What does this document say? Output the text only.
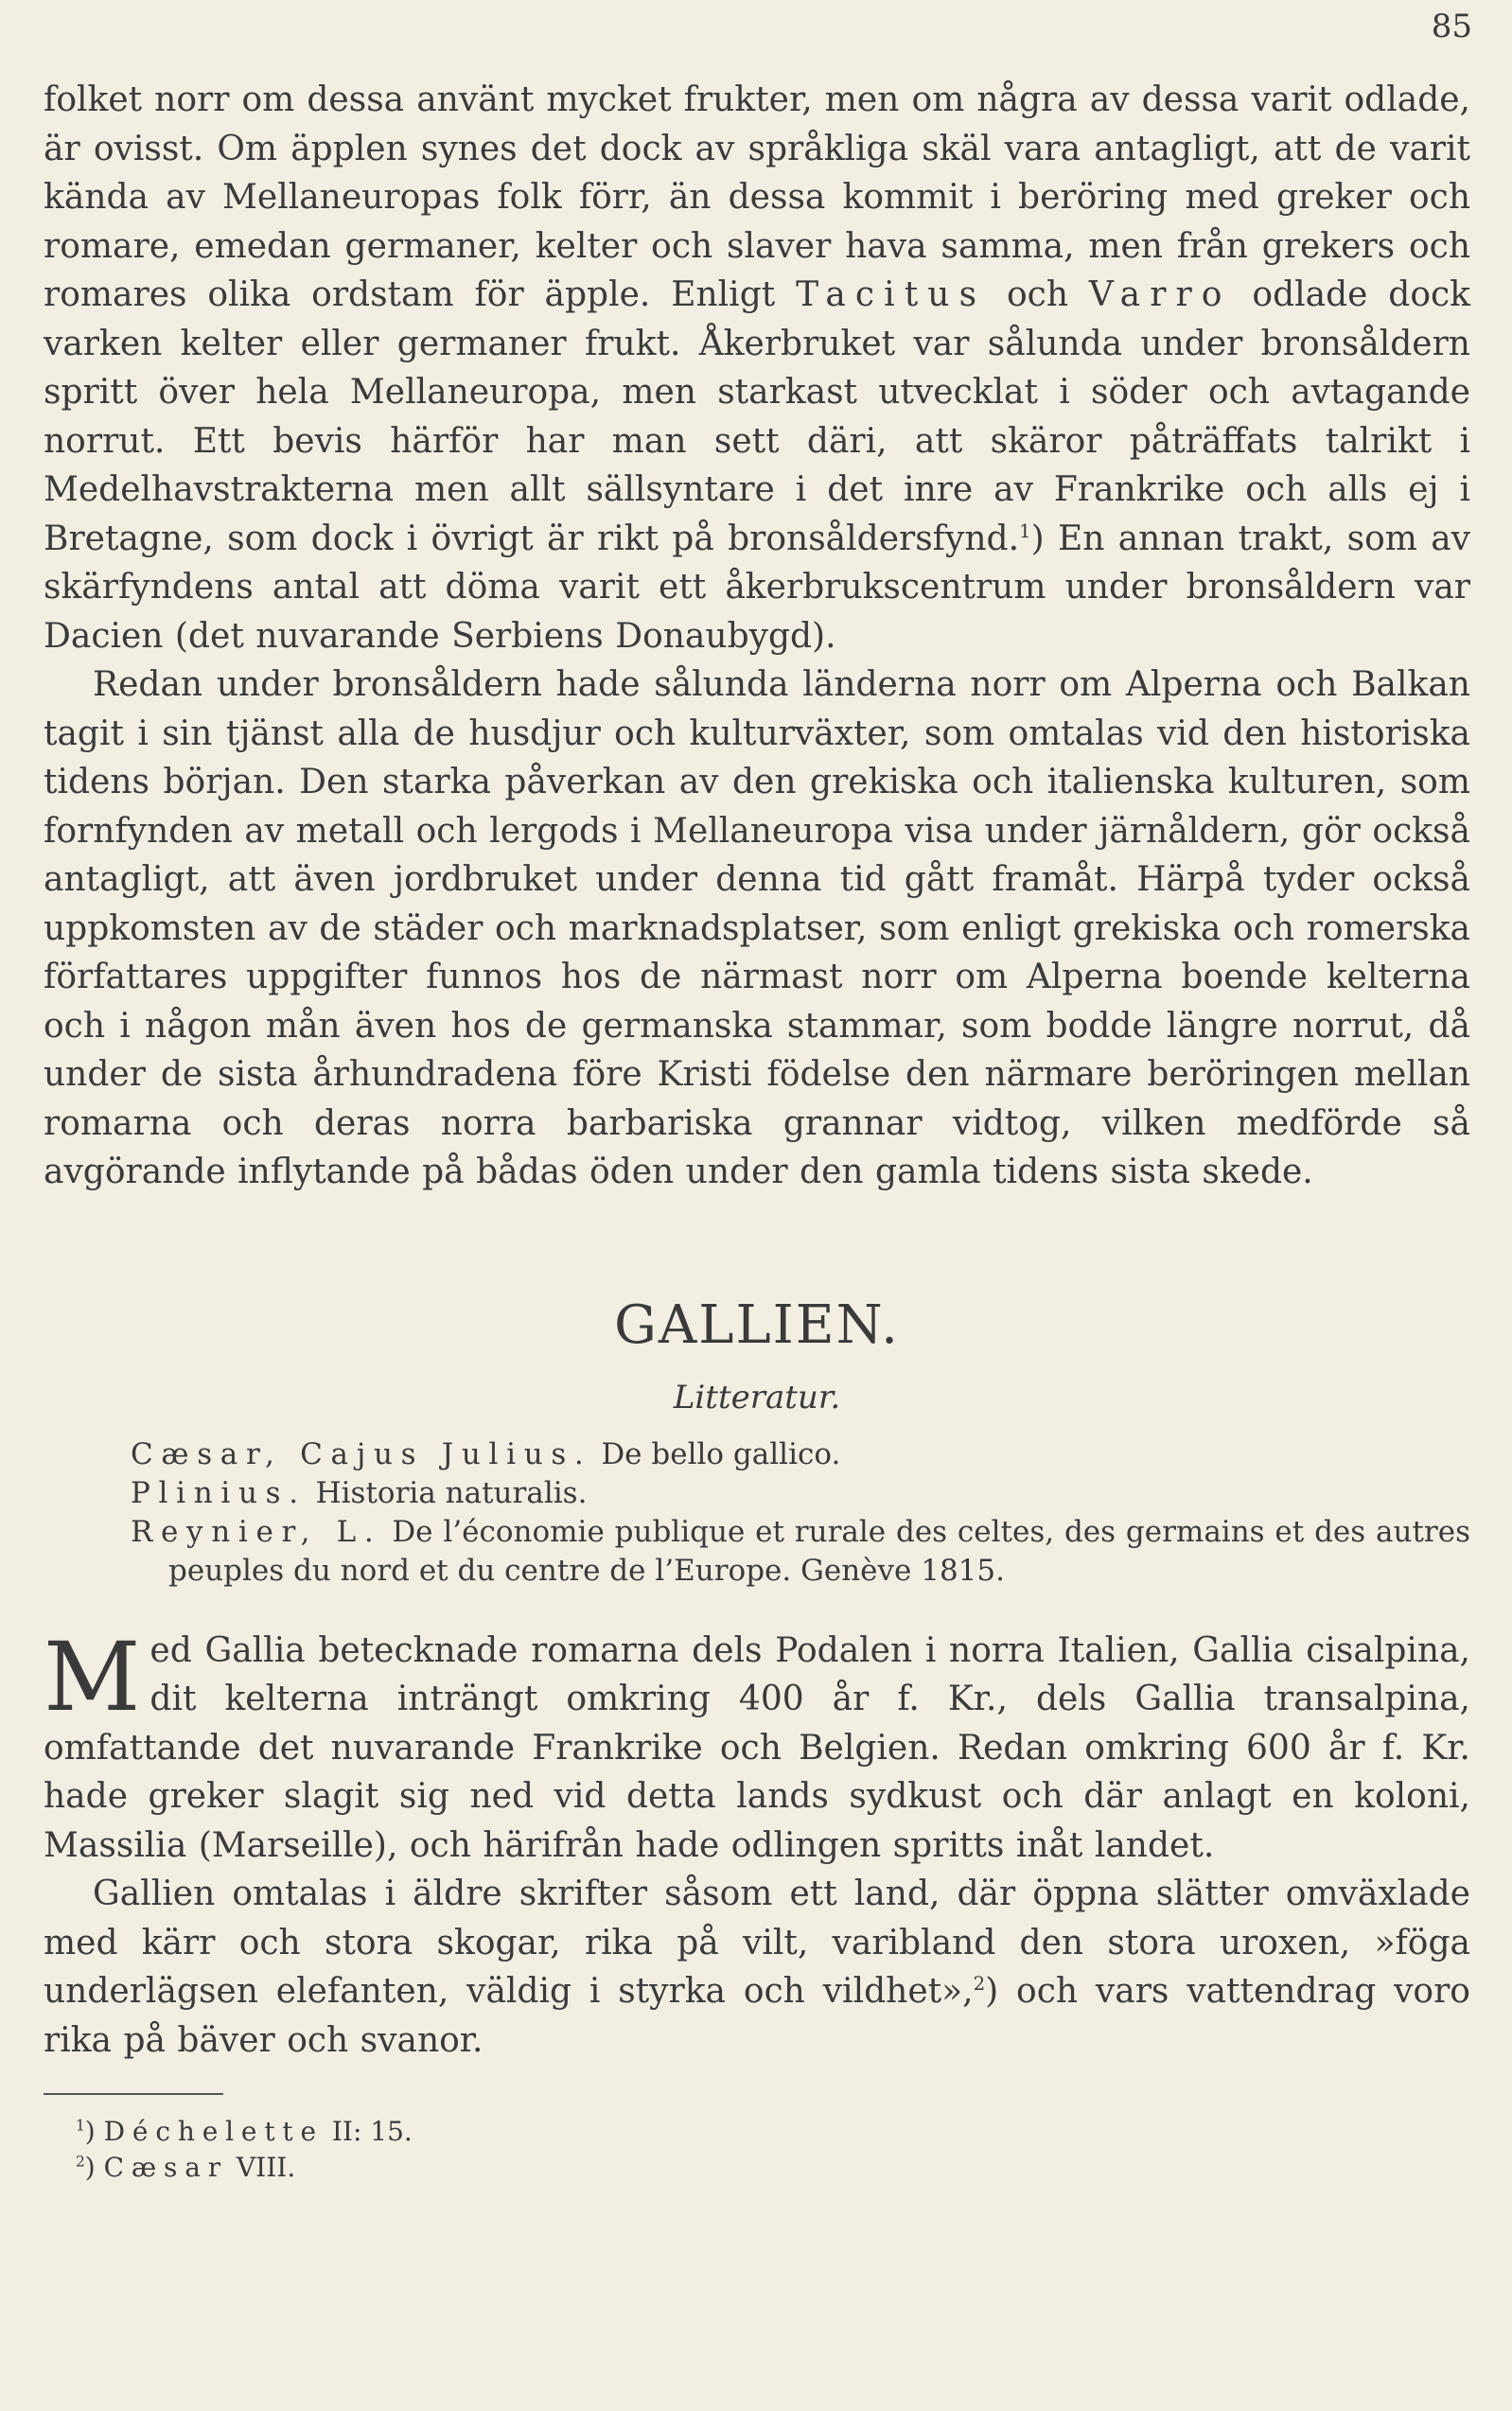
85

folket norr om dessa använt mycket frukter, men om några av dessa varit odlade, är ovisst. Om äpplen synes det dock av språkliga skäl vara antagligt, att de varit kända av Mellaneuropas folk förr, än dessa kommit i beröring med greker och romare, emedan germaner, kelter och slaver hava samma, men från grekers och romares olika ordstam för äpple. Enligt Tacitus och Varro odlade dock varken kelter eller germaner frukt. Åkerbruket var sålunda under bronsåldern spritt över hela Mellaneuropa, men starkast utvecklat i söder och avtagande norrut. Ett bevis härför har man sett däri, att skäror påträffats talrikt i Medelhavstrakterna men allt sällsyntare i det inre av Frankrike och alls ej i Bretagne, som dock i övrigt är rikt på bronsåldersfynd.$^1$) En annan trakt, som av skärfyndens antal att döma varit ett åkerbrukscentrum under bronsåldern var Dacien (det nuvarande Serbiens Donaubygd).

Redan under bronsåldern hade sålunda länderna norr om Alperna och Balkan tagit i sin tjänst alla de husdjur och kulturväxter, som omtalas vid den historiska tidens början. Den starka påverkan av den grekiska och italienska kulturen, som fornfynden av metall och lergods i Mellaneuropa visa under järnåldern, gör också antagligt, att även jordbruket under denna tid gått framåt. Härpå tyder också uppkomsten av de städer och marknadsplatser, som enligt grekiska och romerska författares uppgifter funnos hos de närmast norr om Alperna boende kelterna och i någon mån även hos de germanska stammar, som bodde längre norrut, då under de sista århundradena före Kristi födelse den närmare beröringen mellan romarna och deras norra barbariska grannar vidtog, vilken medförde så avgörande inflytande på bådas öden under den gamla tidens sista skede.

GALLIEN.
Litteratur.
Cæsar, Cajus Julius. De bello gallico.
Plinius. Historia naturalis.
Reynier, L. De l’économie publique et rurale des celtes, des germains et des autres peuples du nord et du centre de l’Europe. Genève 1815.

Med Gallia betecknade romarna dels Podalen i norra Italien, Gallia cisalpina, dit kelterna inträngt omkring 400 år f. Kr., dels Gallia transalpina, omfattande det nuvarande Frankrike och Belgien. Redan omkring 600 år f. Kr. hade greker slagit sig ned vid detta lands sydkust och där anlagt en koloni, Massilia (Marseille), och härifrån hade odlingen spritts inåt landet.

Gallien omtalas i äldre skrifter såsom ett land, där öppna slätter omväxlade med kärr och stora skogar, rika på vilt, varibland den stora uroxen, »föga underlägsen elefanten, väldig i styrka och vildhet»,$^2$) och vars vattendrag voro rika på bäver och svanor.

$^1$) Déchelette II: 15.
$^2$) Cæsar VIII.
